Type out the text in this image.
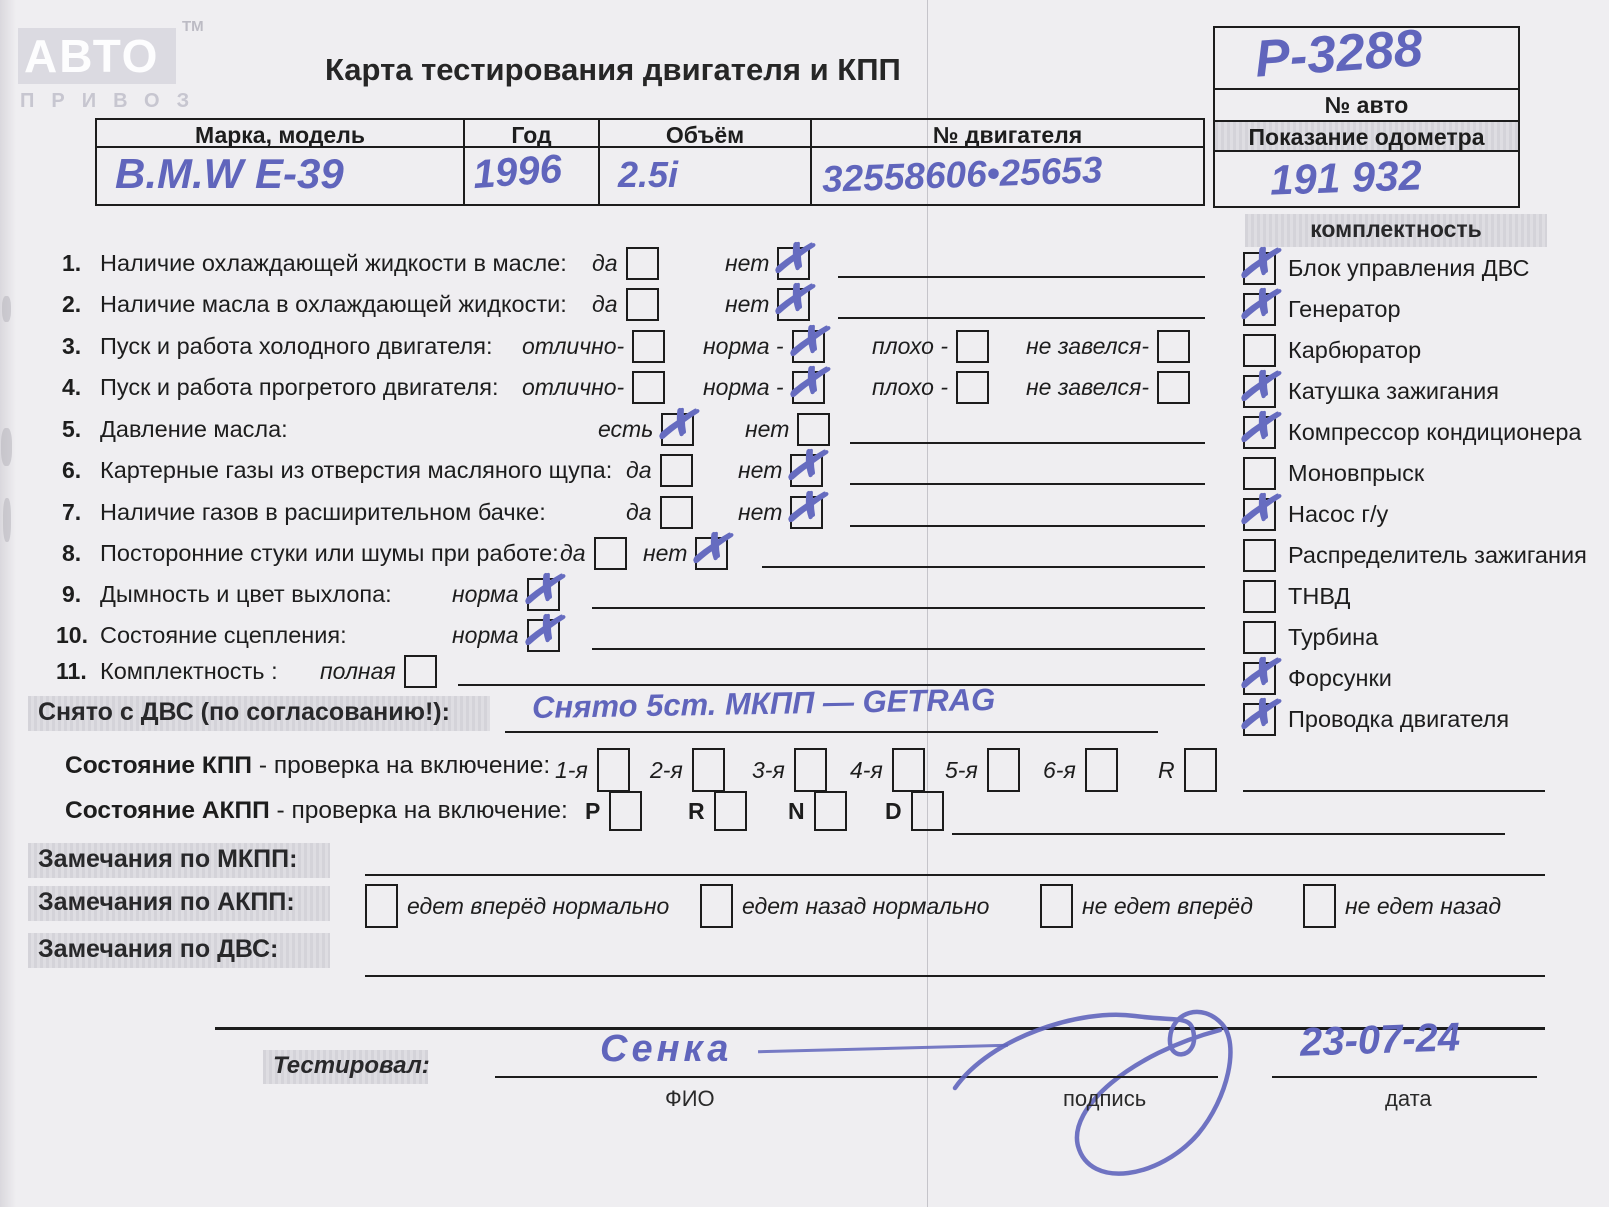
АВТО
ТМ
ПРИВОЗ
Карта тестирования двигателя и КПП	Р-3288
№ авто
Показание одометра
191 932
Марка, модель	Год	Объём	№ двигателя
B.M.W E-39	1996 2.5i	32558606•25653
комплектность
✗ Блок управления ДВС
✗ Генератор
Карбюратор
✗ Катушка зажигания
✗ Компрессор кондиционера
Моновпрыск
✗ Насос г/у
Распределитель зажигания
ТНВД
Турбина
✗ Форсунки
✗ Проводка двигателя
1. Наличие охлаждающей жидкости в масле: да	нет ✗
2. Наличие масла в охлаждающей жидкости: да	нет ✗
3. Пуск и работа холодного двигателя: отлично-	норма - ✗ плохо -	не завелся-
4. Пуск и работа прогретого двигателя: отлично-	норма - ✗ плохо -	не завелся-
5. Давление масла:	есть ✗ нет
6. Картерные газы из отверстия масляного щупа: да	нет ✗
7. Наличие газов в расширительном бачке:	да	нет ✗
8. Посторонние стуки или шумы при работе: да нет ✗
9. Дымность и цвет выхлопа:	норма ✗
10. Состояние сцепления:	норма ✗
11. Комплектность : полная
Снято с ДВС (по согласованию!):	Снято 5ст. МКПП — GETRAG
Состояние КПП - проверка на включение: 1-я	2-я	3-я	4-я	5-я	6-я	R
Состояние АКПП - проверка на включение: P	R	N	D
Замечания по МКПП:
Замечания по АКПП:	едет вперёд нормально	едет назад нормально	не едет вперёд	не едет назад
Замечания по ДВС:
Тестировал:	Сенка
ФИО	подпись
23-07-24
дата
